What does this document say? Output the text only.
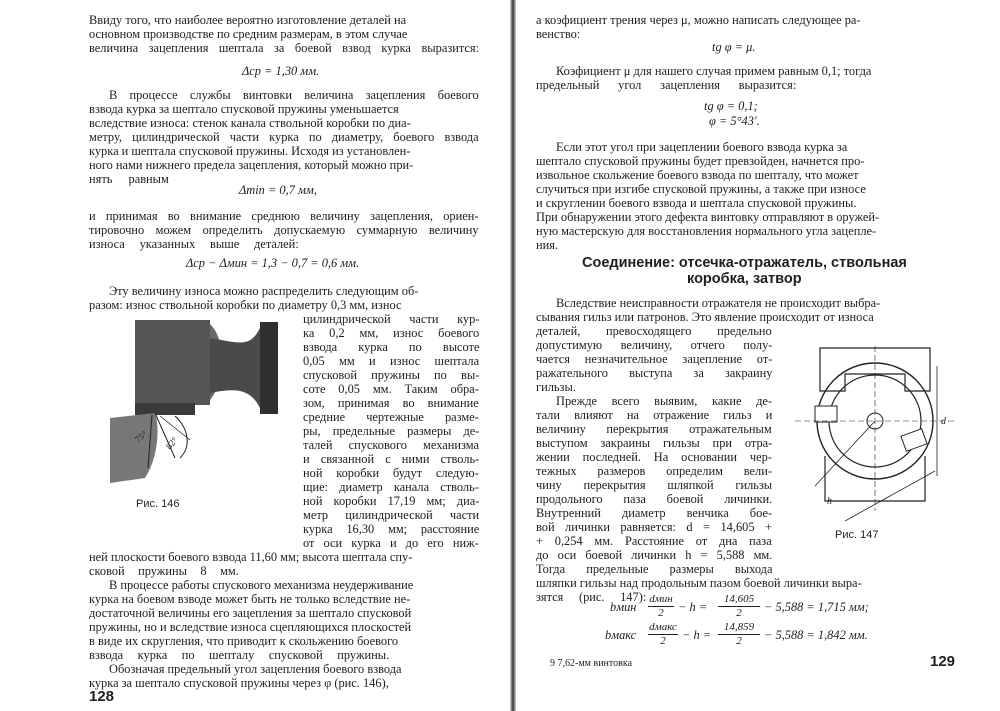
Ввиду того, что наиболее вероятно изготовление деталей на
основном производстве по средним размерам, в этом случае
величина зацепления шептала за боевой взвод курка выразится:
В процессе службы винтовки величина зацепления боевого
взвода курка за шептало спусковой пружины уменьшается
вследствие износа: стенок канала ствольной коробки по диа-
метру, цилиндрической части курка по диаметру, боевого взвода
курка и шептала спусковой пружины. Исходя из установлен-
ного нами нижнего предела зацепления, который можно при-
нять равным
и принимая во внимание среднюю величину зацепления, ориен-
тировочно можем определить допускаемую суммарную величину
износа указанных выше деталей:
Эту величину износа можно распределить следующим об-
разом: износ ствольной коробки по диаметру 0,3 мм, износ
цилиндрической части кур-
ка 0,2 мм, износ боевого
взвода курка по высоте
0,05 мм и износ шептала
спусковой пружины по вы-
соте 0,05 мм. Таким обра-
зом, принимая во внимание
средние чертежные разме-
ры, предельные размеры де-
талей спускового механизма
и связанной с ними стволь-
ной коробки будут следую-
щие: диаметр канала стволь-
ной коробки 17,19 мм; диа-
метр цилиндрической части
курка 16,30 мм; расстояние
от оси курка и до его ниж-
ней плоскости боевого взвода 11,60 мм; высота шептала спу-
сковой пружины 8 мм.
В процессе работы спускового механизма неудерживание
курка на боевом взводе может быть не только вследствие не-
достаточной величины его зацепления за шептало спусковой
пружины, но и вследствие износа сцепляющихся плоскостей
в виде их скругления, что приводит к скольжению боевого
взвода курка по шепталу спусковой пружины.
Обозначая предельный угол зацепления боевого взвода
курка за шептало спусковой пружины через φ (рис. 146),
Δср = 1,30 мм.
Δmin = 0,7 мм,
Δср − Δмин = 1,3 − 0,7 = 0,6 мм.
75° 82°
Рис. 146
128
а коэфициент трения через μ, можно написать следующее ра-
венство:
Коэфициент μ для нашего случая примем равным 0,1; тогда
предельный угол зацепления выразится:
Если этот угол при зацеплении боевого взвода курка за
шептало спусковой пружины будет превзойден, начнется про-
извольное скольжение боевого взвода по шепталу, что может
случиться при изгибе спусковой пружины, а также при износе
и скруглении боевого взвода и шептала спусковой пружины.
При обнаружении этого дефекта винтовку отправляют в оружей-
ную мастерскую для восстановления нормального угла зацепле-
ния.
Вследствие неисправности отражателя не происходит выбра-
сывания гильз или патронов. Это явление происходит от износа
деталей, превосходящего предельно
допустимую величину, отчего полу-
чается незначительное зацепление от-
ражательного выступа за закраину
гильзы.
Прежде всего выявим, какие де-
тали влияют на отражение гильз и
величину перекрытия отражательным
выступом закраины гильзы при отра-
жении последней. На основании чер-
тежных размеров определим вели-
чину перекрытия шляпкой гильзы
продольного паза боевой личинки.
Внутренний диаметр венчика бое-
вой личинки равняется: d = 14,605 +
+ 0,254 мм. Расстояние от дна паза
до оси боевой личинки h = 5,588 мм.
Тогда предельные размеры выхода
шляпки гильзы над продольным пазом боевой личинки выра-
зятся (рис. 147):
tg φ = μ.
tg φ = 0,1;
φ = 5°43′.
Соединение: отсечка-отражатель, ствольная
коробка, затвор
d
h
Рис. 147
bмин
dмин
2	− h =
14,605
2	− 5,588 = 1,715 мм;
bмакс
dмакс
2	− h =
14,859
2	− 5,588 = 1,842 мм.
9 7,62-мм винтовка	129
